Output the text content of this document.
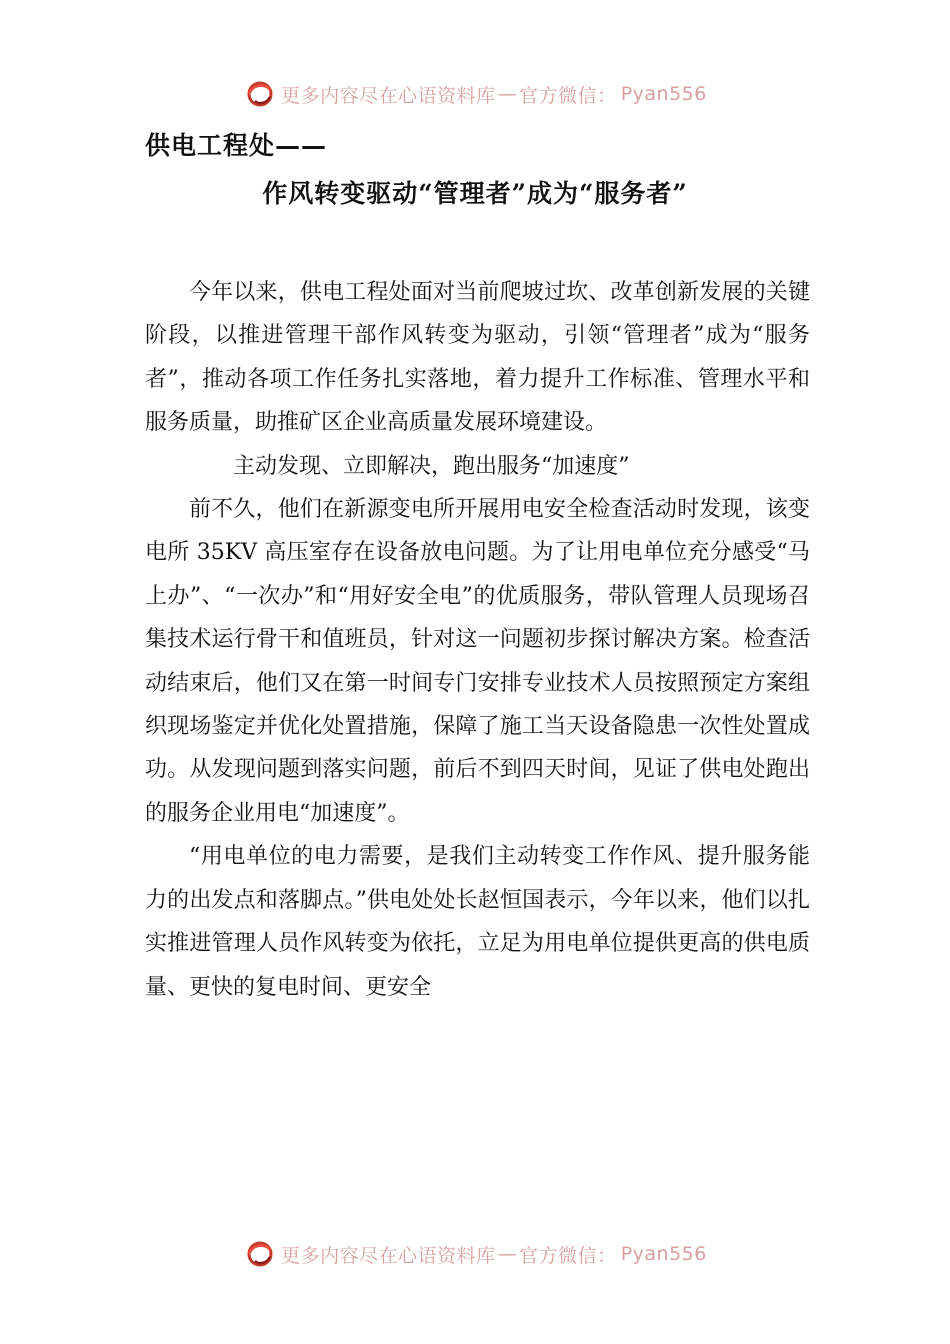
更多内容尽在心语资料库 — 官方微信： Pyan556
供电工程处——
作风转变驱动“管理者”成为“服务者”

今年以来，供电工程处面对当前爬坡过坎、改革创新发展的关键阶段，以推进管理干部作风转变为驱动，引领“管理者”成为“服务者”，推动各项工作任务扎实落地，着力提升工作标准、管理水平和服务质量，助推矿区企业高质量发展环境建设。

主动发现、立即解决，跑出服务“加速度”

前不久，他们在新源变电所开展用电安全检查活动时发现，该变电所 35KV 高压室存在设备放电问题。为了让用电单位充分感受“马上办”、“一次办”和“用好安全电”的优质服务，带队管理人员现场召集技术运行骨干和值班员，针对这一问题初步探讨解决方案。检查活动结束后，他们又在第一时间专门安排专业技术人员按照预定方案组织现场鉴定并优化处置措施，保障了施工当天设备隐患一次性处置成功。从发现问题到落实问题，前后不到四天时间，见证了供电处跑出的服务企业用电“加速度”。

“用电单位的电力需要，是我们主动转变工作作风、提升服务能力的出发点和落脚点。”供电处处长赵恒国表示，今年以来，他们以扎实推进管理人员作风转变为依托，立足为用电单位提供更高的供电质量、更快的复电时间、更安全

更多内容尽在心语资料库 — 官方微信： Pyan556
